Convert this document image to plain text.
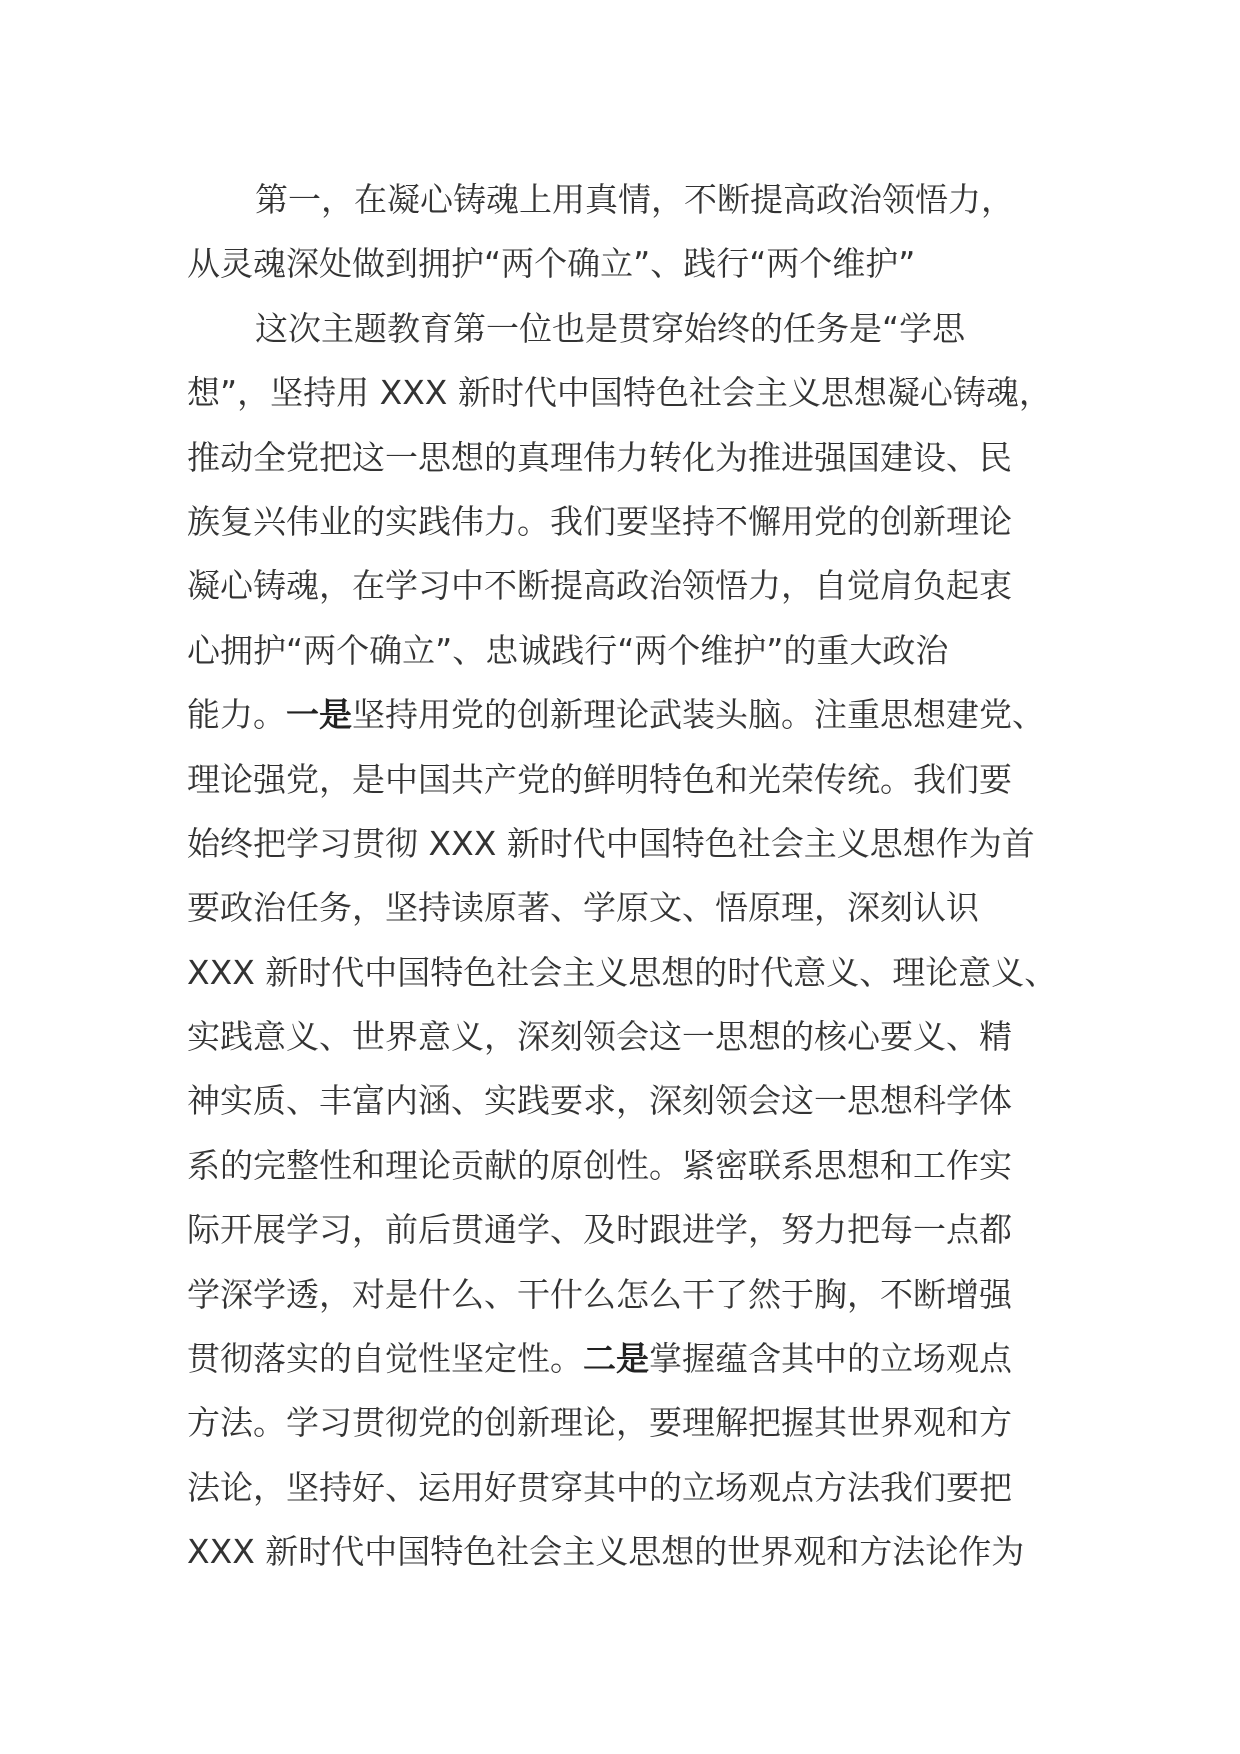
第一，在凝心铸魂上用真情，不断提高政治领悟力，
从灵魂深处做到拥护“两个确立”、践行“两个维护”
这次主题教育第一位也是贯穿始终的任务是“学思
想”，坚持用 XXX 新时代中国特色社会主义思想凝心铸魂，
推动全党把这一思想的真理伟力转化为推进强国建设、民
族复兴伟业的实践伟力。我们要坚持不懈用党的创新理论
凝心铸魂，在学习中不断提高政治领悟力，自觉肩负起衷
心拥护“两个确立”、忠诚践行“两个维护”的重大政治
能力。一是坚持用党的创新理论武装头脑。注重思想建党、
理论强党，是中国共产党的鲜明特色和光荣传统。我们要
始终把学习贯彻 XXX 新时代中国特色社会主义思想作为首
要政治任务，坚持读原著、学原文、悟原理，深刻认识
XXX 新时代中国特色社会主义思想的时代意义、理论意义、
实践意义、世界意义，深刻领会这一思想的核心要义、精
神实质、丰富内涵、实践要求，深刻领会这一思想科学体
系的完整性和理论贡献的原创性。紧密联系思想和工作实
际开展学习，前后贯通学、及时跟进学，努力把每一点都
学深学透，对是什么、干什么怎么干了然于胸，不断增强
贯彻落实的自觉性坚定性。二是掌握蕴含其中的立场观点
方法。学习贯彻党的创新理论，要理解把握其世界观和方
法论，坚持好、运用好贯穿其中的立场观点方法我们要把
XXX 新时代中国特色社会主义思想的世界观和方法论作为
